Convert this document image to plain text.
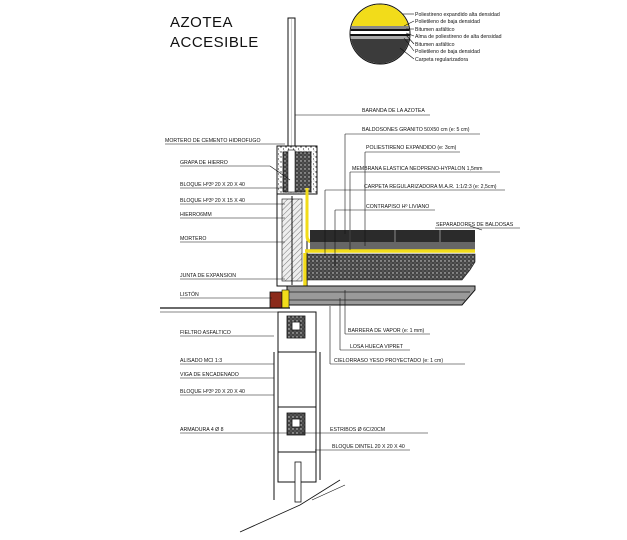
AZOTEA
ACCESIBLE
Poliestireno expandido alta densidad
Polietileno de baja densidad
Bitumen asfáltico
Alma de poliestireno de alta densidad
Bitumen asfáltico
Polietileno de baja densidad
Carpeta regularizadora
MORTERO DE CEMENTO HIDROFUGO
GRAPA DE HIERRO
BLOQUE Hº3º 20 X 20 X 40
BLOQUE Hº3º 20 X 15 X 40
HIERRO6MM
MORTERO
JUNTA DE EXPANSION
LISTÓN
FIELTRO ASFALTICO
ALISADO MCI 1:3
VIGA DE ENCADENADO
BLOQUE Hº3º 20 X 20 X 40
ARMADURA 4 Ø 8
BARANDA DE LA AZOTEA
BALDOSONES GRANITO 50X50 cm (e: 5 cm)
POLIESTIRENO EXPANDIDO (e: 3cm)
MEMBRANA ELASTICA NEOPRENO-HYPALON 1,5mm
CARPETA REGULARIZADORA M.A.R. 1:1/2:3 (e: 2,5cm)
CONTRAPISO Hº LIVIANO
SEPARADORES DE BALDOSAS
BARRERA DE VAPOR (e: 1 mm)
LOSA HUECA VIPRET
CIELORRASO YESO PROYECTADO (e: 1 cm)
ESTRIBOS Ø 6C/20CM
BLOQUE DINTEL 20 X 20 X 40
